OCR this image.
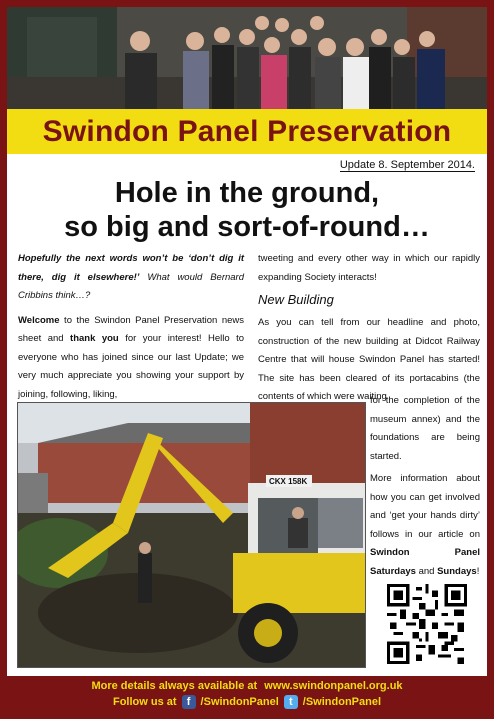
Swindon Panel Preservation
Update 8. September 2014.
Hole in the ground,
so big and sort-of-round…
Hopefully the next words won’t be ‘don’t dig it there, dig it elsewhere!’ What would Bernard Cribbins think…?
Welcome to the Swindon Panel Preservation news sheet and thank you for your interest! Hello to everyone who has joined since our last Update; we very much appreciate you showing your support by joining, following, liking,
tweeting and every other way in which our rapidly expanding Society interacts!
New Building
As you can tell from our headline and photo, construction of the new building at Didcot Railway Centre that will house Swindon Panel has started! The site has been cleared of its portacabins (the contents of which were waiting
for the completion of the museum annex) and the foundations are being started.
More information about how you can get involved and ‘get your hands dirty’ follows in our article on Swindon Panel Saturdays and Sundays!
CKX 158K
More details always available at www.swindonpanel.org.uk
Follow us at f /SwindonPanel t /SwindonPanel
